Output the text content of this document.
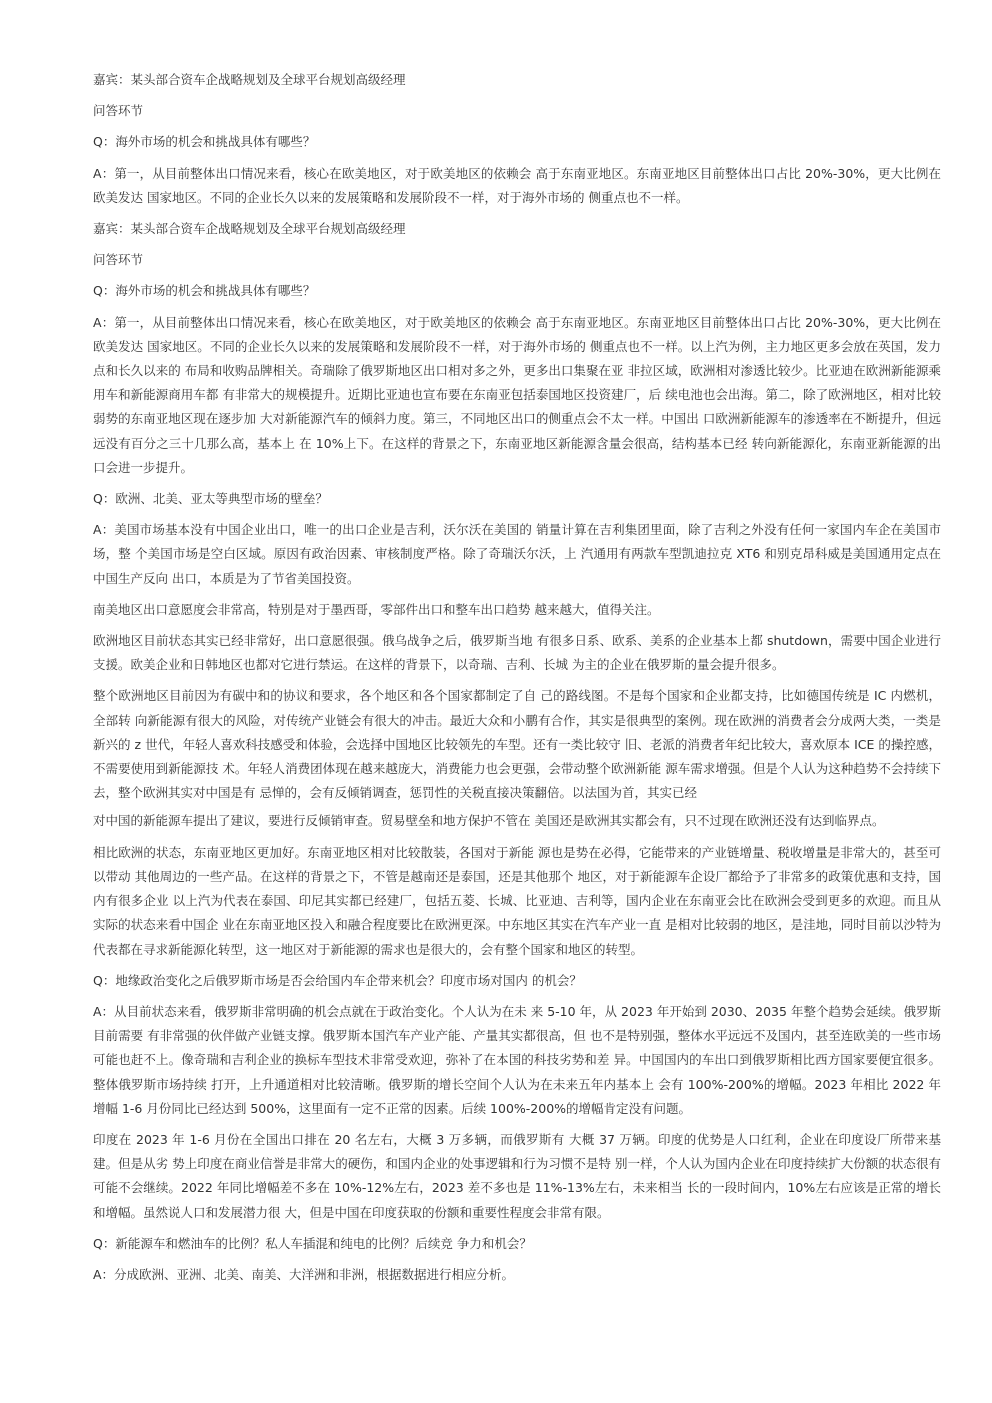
嘉宾：某头部合资车企战略规划及全球平台规划高级经理

问答环节

Q：海外市场的机会和挑战具体有哪些？

A：第一，从目前整体出口情况来看，核心在欧美地区，对于欧美地区的依赖会 高于东南亚地区。东南亚地区目前整体出口占比 20%-30%，更大比例在欧美发达 国家地区。不同的企业长久以来的发展策略和发展阶段不一样，对于海外市场的 侧重点也不一样。

嘉宾：某头部合资车企战略规划及全球平台规划高级经理

问答环节

Q：海外市场的机会和挑战具体有哪些？

A：第一，从目前整体出口情况来看，核心在欧美地区，对于欧美地区的依赖会 高于东南亚地区。东南亚地区目前整体出口占比 20%-30%，更大比例在欧美发达 国家地区。不同的企业长久以来的发展策略和发展阶段不一样，对于海外市场的 侧重点也不一样。以上汽为例，主力地区更多会放在英国，发力点和长久以来的 布局和收购品牌相关。奇瑞除了俄罗斯地区出口相对多之外，更多出口集聚在亚 非拉区域，欧洲相对渗透比较少。比亚迪在欧洲新能源乘用车和新能源商用车都 有非常大的规模提升。近期比亚迪也宣布要在东南亚包括泰国地区投资建厂，后 续电池也会出海。第二，除了欧洲地区，相对比较弱势的东南亚地区现在逐步加 大对新能源汽车的倾斜力度。第三，不同地区出口的侧重点会不太一样。中国出 口欧洲新能源车的渗透率在不断提升，但远远没有百分之三十几那么高，基本上 在 10%上下。在这样的背景之下，东南亚地区新能源含量会很高，结构基本已经 转向新能源化，东南亚新能源的出口会进一步提升。

Q：欧洲、北美、亚太等典型市场的壁垒？

A：美国市场基本没有中国企业出口，唯一的出口企业是吉利，沃尔沃在美国的 销量计算在吉利集团里面，除了吉利之外没有任何一家国内车企在美国市场，整 个美国市场是空白区域。原因有政治因素、审核制度严格。除了奇瑞沃尔沃，上 汽通用有两款车型凯迪拉克 XT6 和别克昂科威是美国通用定点在中国生产反向 出口，本质是为了节省美国投资。

南美地区出口意愿度会非常高，特别是对于墨西哥，零部件出口和整车出口趋势 越来越大，值得关注。

欧洲地区目前状态其实已经非常好，出口意愿很强。俄乌战争之后，俄罗斯当地 有很多日系、欧系、美系的企业基本上都 shutdown，需要中国企业进行支援。欧美企业和日韩地区也都对它进行禁运。在这样的背景下，以奇瑞、吉利、长城 为主的企业在俄罗斯的量会提升很多。

整个欧洲地区目前因为有碳中和的协议和要求，各个地区和各个国家都制定了自 己的路线图。不是每个国家和企业都支持，比如德国传统是 IC 内燃机，全部转 向新能源有很大的风险，对传统产业链会有很大的冲击。最近大众和小鹏有合作，其实是很典型的案例。现在欧洲的消费者会分成两大类，一类是新兴的 z 世代，年轻人喜欢科技感受和体验，会选择中国地区比较领先的车型。还有一类比较守 旧、老派的消费者年纪比较大，喜欢原本 ICE 的操控感，不需要使用到新能源技 术。年轻人消费团体现在越来越庞大，消费能力也会更强，会带动整个欧洲新能 源车需求增强。但是个人认为这种趋势不会持续下去，整个欧洲其实对中国是有 忌惮的，会有反倾销调查，惩罚性的关税直接决策翻倍。以法国为首，其实已经

对中国的新能源车提出了建议，要进行反倾销审查。贸易壁垒和地方保护不管在 美国还是欧洲其实都会有，只不过现在欧洲还没有达到临界点。

相比欧洲的状态，东南亚地区更加好。东南亚地区相对比较散装，各国对于新能 源也是势在必得，它能带来的产业链增量、税收增量是非常大的，甚至可以带动 其他周边的一些产品。在这样的背景之下，不管是越南还是泰国，还是其他那个 地区，对于新能源车企设厂都给予了非常多的政策优惠和支持，国内有很多企业 以上汽为代表在泰国、印尼其实都已经建厂，包括五菱、长城、比亚迪、吉利等，国内企业在东南亚会比在欧洲会受到更多的欢迎。而且从实际的状态来看中国企 业在东南亚地区投入和融合程度要比在欧洲更深。中东地区其实在汽车产业一直 是相对比较弱的地区，是洼地，同时目前以沙特为代表都在寻求新能源化转型，这一地区对于新能源的需求也是很大的，会有整个国家和地区的转型。

Q：地缘政治变化之后俄罗斯市场是否会给国内车企带来机会？印度市场对国内 的机会？

A：从目前状态来看，俄罗斯非常明确的机会点就在于政治变化。个人认为在未 来 5-10 年，从 2023 年开始到 2030、2035 年整个趋势会延续。俄罗斯目前需要 有非常强的伙伴做产业链支撑。俄罗斯本国汽车产业产能、产量其实都很高，但 也不是特别强，整体水平远远不及国内，甚至连欧美的一些市场可能也赶不上。像奇瑞和吉利企业的换标车型技术非常受欢迎，弥补了在本国的科技劣势和差 异。中国国内的车出口到俄罗斯相比西方国家要便宜很多。整体俄罗斯市场持续 打开，上升通道相对比较清晰。俄罗斯的增长空间个人认为在未来五年内基本上 会有 100%-200%的增幅。2023 年相比 2022 年增幅 1-6 月份同比已经达到 500%，这里面有一定不正常的因素。后续 100%-200%的增幅肯定没有问题。

印度在 2023 年 1-6 月份在全国出口排在 20 名左右，大概 3 万多辆，而俄罗斯有 大概 37 万辆。印度的优势是人口红利，企业在印度设厂所带来基建。但是从劣 势上印度在商业信誉是非常大的硬伤，和国内企业的处事逻辑和行为习惯不是特 别一样，个人认为国内企业在印度持续扩大份额的状态很有可能不会继续。2022 年同比增幅差不多在 10%-12%左右，2023 差不多也是 11%-13%左右，未来相当 长的一段时间内，10%左右应该是正常的增长和增幅。虽然说人口和发展潜力很 大，但是中国在印度获取的份额和重要性程度会非常有限。

Q：新能源车和燃油车的比例？私人车插混和纯电的比例？后续竞 争力和机会？

A：分成欧洲、亚洲、北美、南美、大洋洲和非洲，根据数据进行相应分析。
